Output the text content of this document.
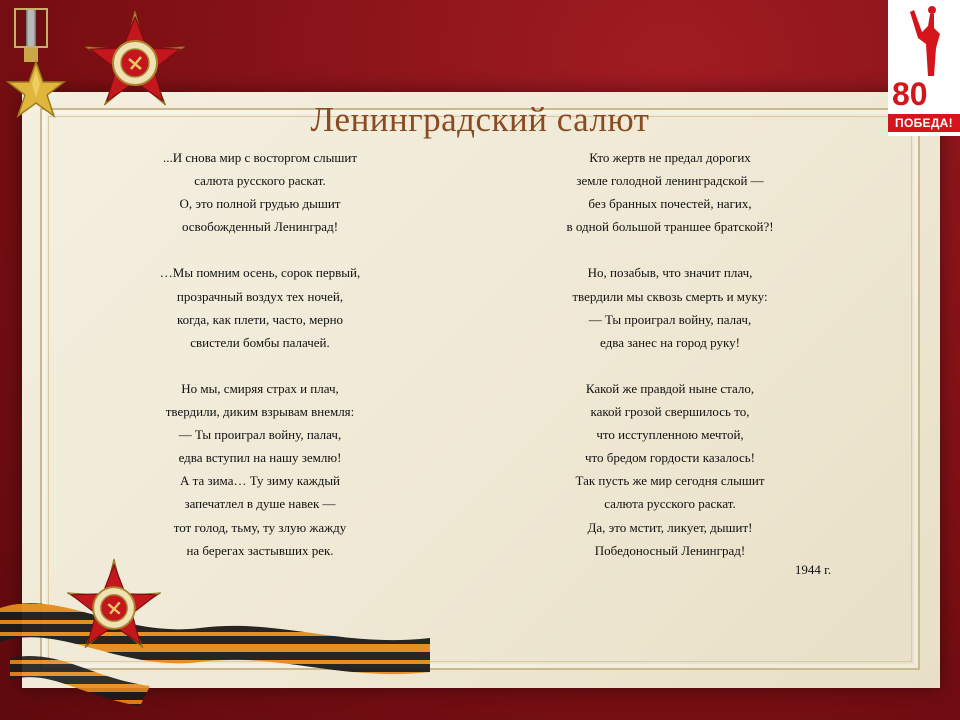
80
ПОБЕДА!
Ленинградский салют
...И снова мир с восторгом слышит
салюта русского раскат.
О, это полной грудью дышит
освобожденный Ленинград!
…Мы помним осень, сорок первый,
прозрачный воздух тех ночей,
когда, как плети, часто, мерно
свистели бомбы палачей.
Но мы, смиряя страх и плач,
твердили, диким взрывам внемля:
— Ты проиграл войну, палач,
едва вступил на нашу землю!
А та зима… Ту зиму каждый
запечатлел в душе навек —
тот голод, тьму, ту злую жажду
на берегах застывших рек.
Кто жертв не предал дорогих
земле голодной ленинградской —
без бранных почестей, нагих,
в одной большой траншее братской?!
Но, позабыв, что значит плач,
твердили мы сквозь смерть и муку:
— Ты проиграл войну, палач,
едва занес на город руку!
Какой же правдой ныне стало,
какой грозой свершилось то,
что исступленною мечтой,
что бредом гордости казалось!
Так пусть же мир сегодня слышит
салюта русского раскат.
Да, это мстит, ликует, дышит!
Победоносный Ленинград!
1944 г.
